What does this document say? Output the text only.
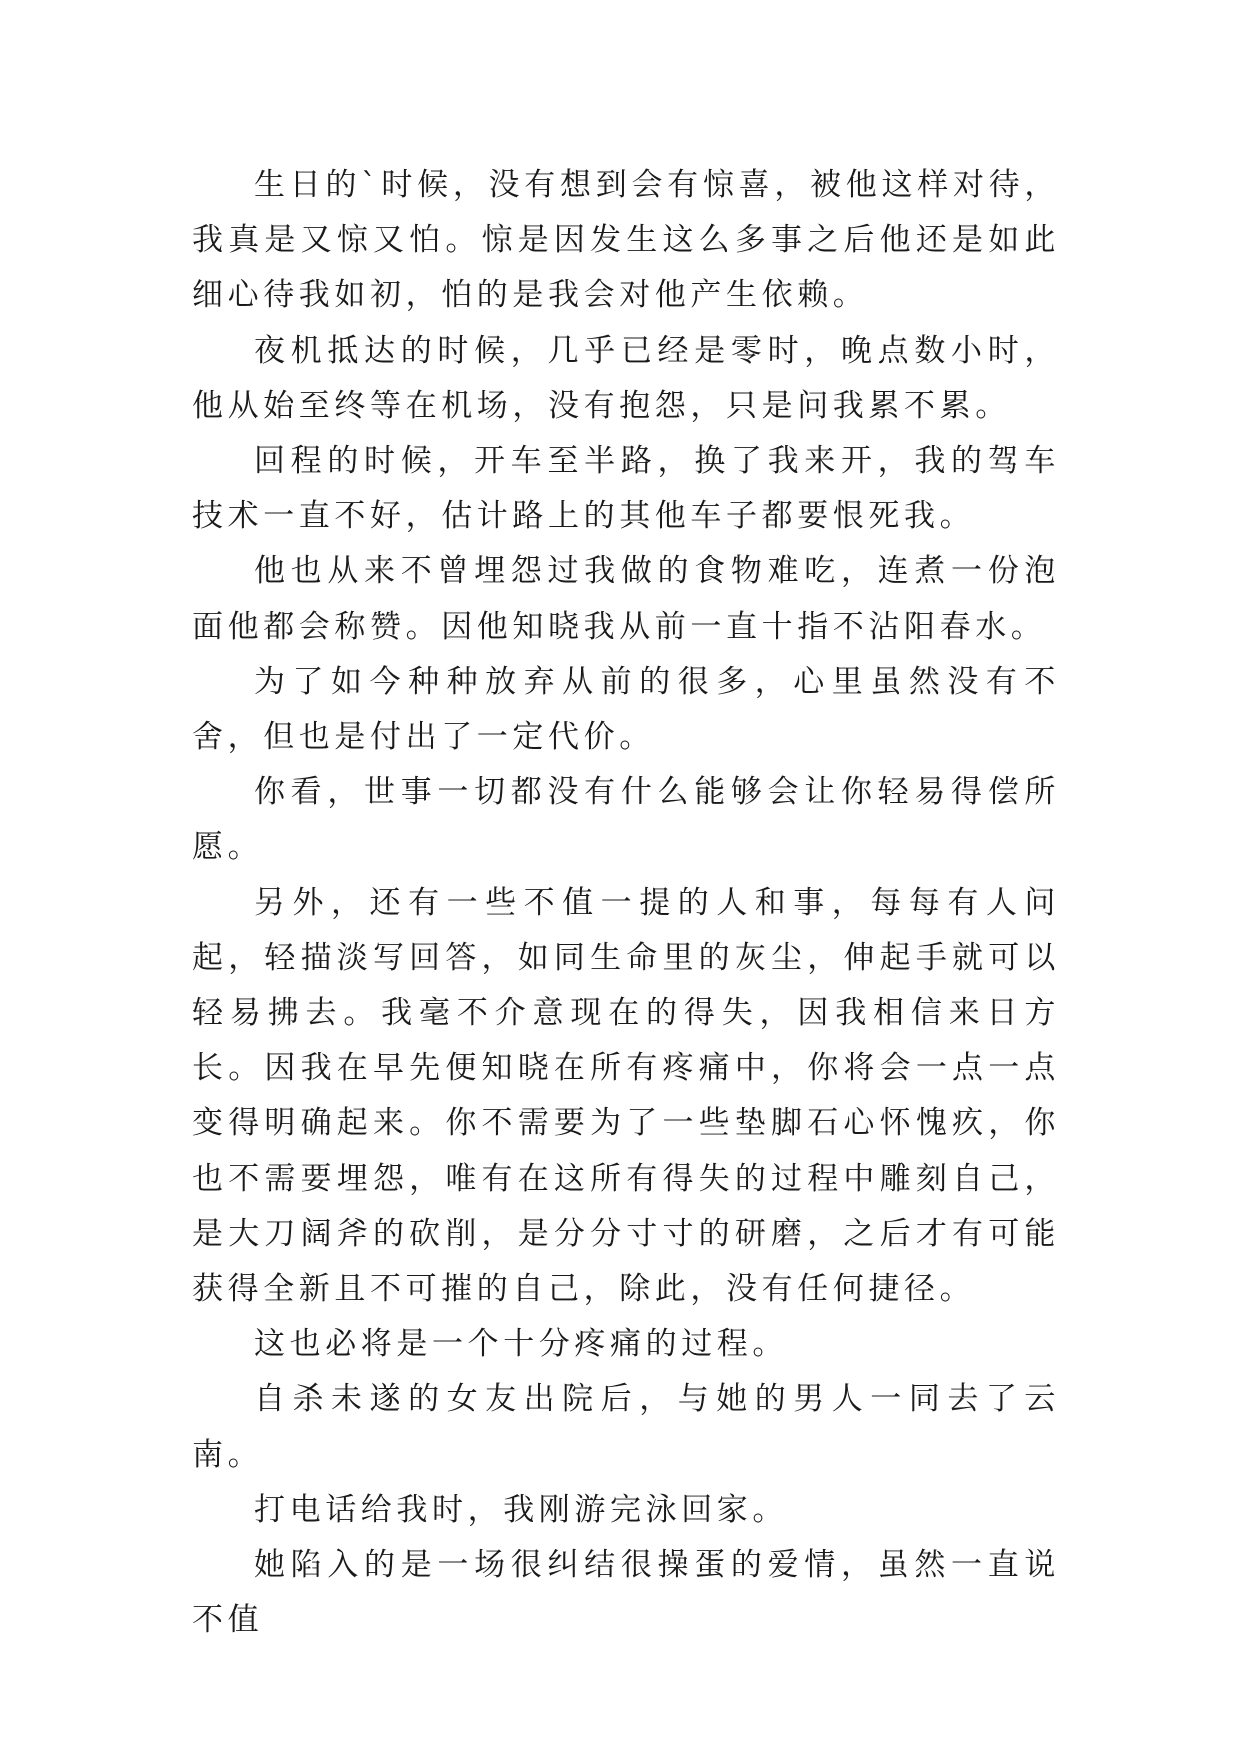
生日的`时候，没有想到会有惊喜，被他这样对待，我真是又惊又怕。惊是因发生这么多事之后他还是如此细心待我如初，怕的是我会对他产生依赖。

夜机抵达的时候，几乎已经是零时，晚点数小时，他从始至终等在机场，没有抱怨，只是问我累不累。

回程的时候，开车至半路，换了我来开，我的驾车技术一直不好，估计路上的其他车子都要恨死我。

他也从来不曾埋怨过我做的食物难吃，连煮一份泡面他都会称赞。因他知晓我从前一直十指不沾阳春水。

为了如今种种放弃从前的很多，心里虽然没有不舍，但也是付出了一定代价。

你看，世事一切都没有什么能够会让你轻易得偿所愿。

另外，还有一些不值一提的人和事，每每有人问起，轻描淡写回答，如同生命里的灰尘，伸起手就可以轻易拂去。我毫不介意现在的得失，因我相信来日方长。因我在早先便知晓在所有疼痛中，你将会一点一点变得明确起来。你不需要为了一些垫脚石心怀愧疚，你也不需要埋怨，唯有在这所有得失的过程中雕刻自己，是大刀阔斧的砍削，是分分寸寸的研磨，之后才有可能获得全新且不可摧的自己，除此，没有任何捷径。

这也必将是一个十分疼痛的过程。

自杀未遂的女友出院后，与她的男人一同去了云南。

打电话给我时，我刚游完泳回家。

她陷入的是一场很纠结很操蛋的爱情，虽然一直说不值
